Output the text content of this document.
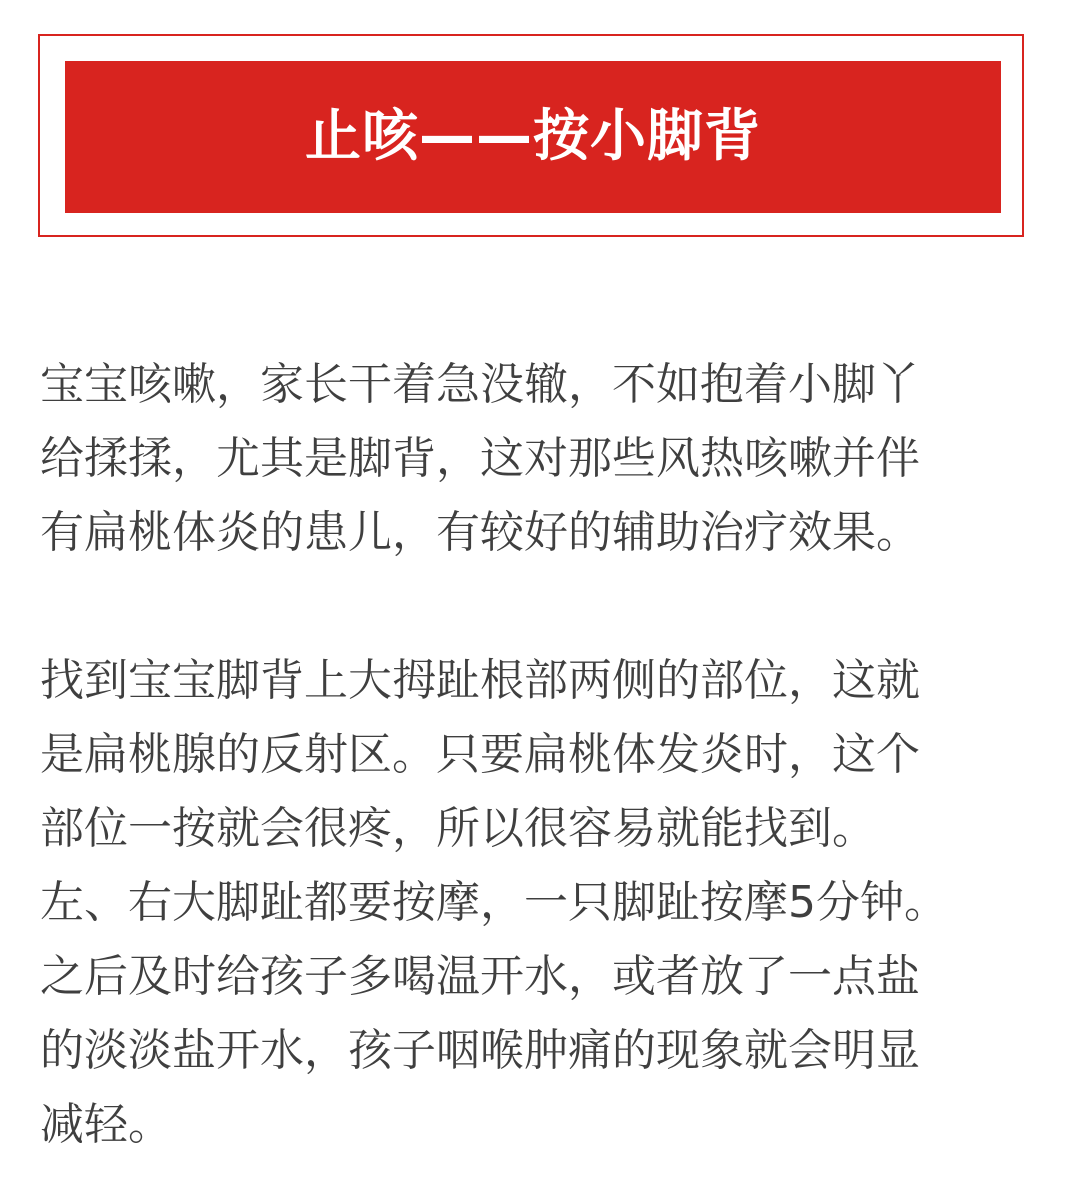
止咳——按小脚背
宝宝咳嗽，家长干着急没辙，不如抱着小脚丫
给揉揉，尤其是脚背，这对那些风热咳嗽并伴
有扁桃体炎的患儿，有较好的辅助治疗效果。
找到宝宝脚背上大拇趾根部两侧的部位，这就
是扁桃腺的反射区。只要扁桃体发炎时，这个
部位一按就会很疼，所以很容易就能找到。
左、右大脚趾都要按摩，一只脚趾按摩5分钟。
之后及时给孩子多喝温开水，或者放了一点盐
的淡淡盐开水，孩子咽喉肿痛的现象就会明显
减轻。
